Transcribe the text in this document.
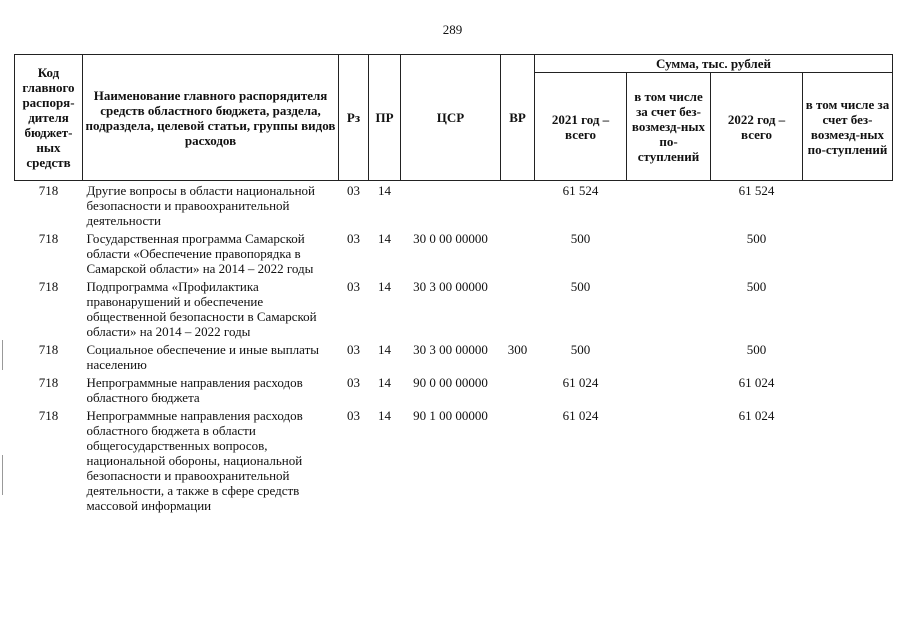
289
Код главного распоря-дителя бюджет-ных средств	Наименование главного распорядителя средств областного бюджета, раздела, подраздела, целевой статьи, группы видов расходов	Рз	ПР	ЦСР	ВР	Сумма, тыс. рублей			
						2021 год – всего	в том числе за счет без-возмезд-ных по-ступлений	2022 год – всего	в том числе за счет без-возмезд-ных по-ступлений
718	Другие вопросы в области национальной безопасности и правоохранительной деятельности	03	14			61 524		61 524	
718	Государственная программа Самарской области «Обеспечение правопорядка в Самарской области» на 2014 – 2022 годы	03	14	30 0 00 00000		500		500	
718	Подпрограмма «Профилактика правонарушений и обеспечение общественной безопасности в Самарской области» на 2014 – 2022 годы	03	14	30 3 00 00000		500		500	
718	Социальное обеспечение и иные выплаты населению	03	14	30 3 00 00000	300	500		500	
718	Непрограммные направления расходов областного бюджета	03	14	90 0 00 00000		61 024		61 024	
718	Непрограммные направления расходов областного бюджета в области общегосударственных вопросов, национальной обороны, национальной безопасности и правоохранительной деятельности, а также в сфере средств массовой информации	03	14	90 1 00 00000		61 024		61 024	
